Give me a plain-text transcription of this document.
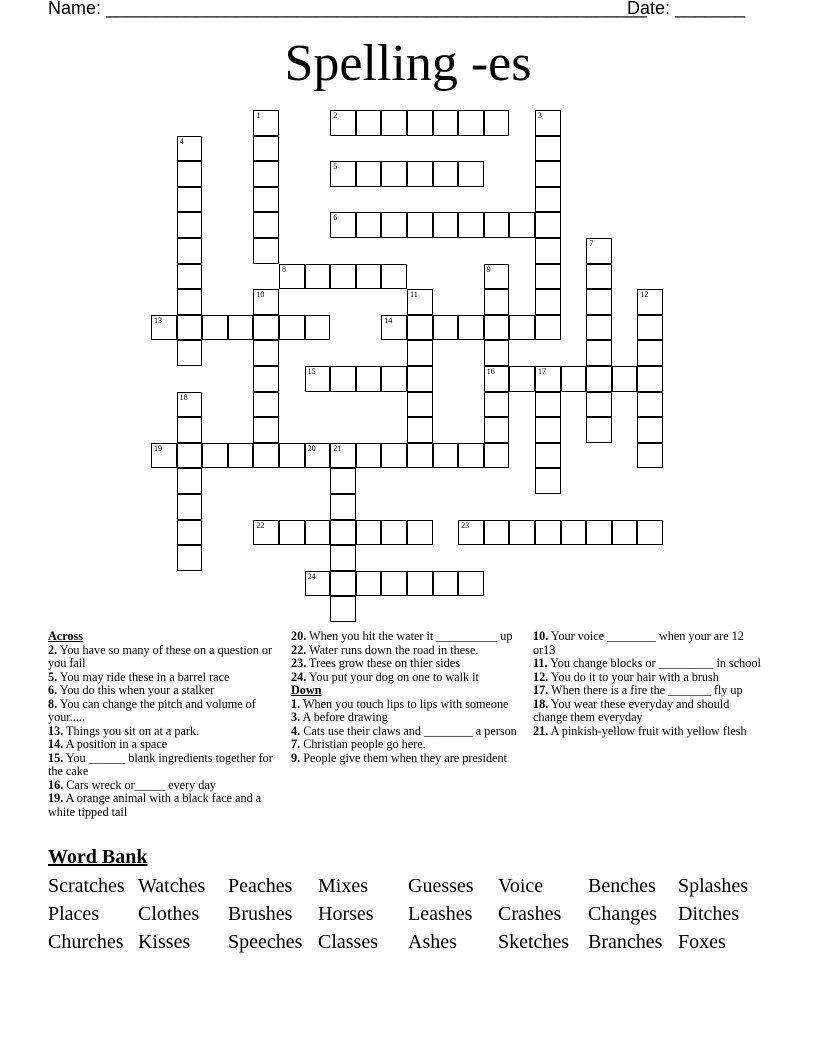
Name: ______________________________________________________
Date: _______
Spelling -es
1	2	3
4
5
6
7
8	9
16
10	11	12
13	14
15	17
18
19	20 21
22	23
24
Across
2. You have so many of these on a question or you fail
5. You may ride these in a barrel race
6. You do this when your a stalker
8. You can change the pitch and volume of your.....
13. Things you sit on at a park.
14. A position in a space
15. You ______ blank ingredients together for the cake
16. Cars wreck or_____ every day
19. A orange animal with a black face and a white tipped tail
20. When you hit the water it __________ up
22. Water runs down the road in these.
23. Trees grow these on thier sides
24. You put your dog on one to walk it
Down
1. When you touch lips to lips with someone
3. A before drawing
4. Cats use their claws and ________ a person
7. Christian people go here.
9. People give them when they are president
10. Your voice ________ when your are 12 or13
11. You change blocks or _________ in school
12. You do it to your hair with a brush
17. When there is a fire the _______ fly up
18. You wear these everyday and should change them everyday
21. A pinkish-yellow fruit with yellow flesh
Word Bank
Scratches Watches Peaches Mixes Guesses Voice Benches Splashes
Places Clothes Brushes Horses Leashes Crashes Changes Ditches
Churches Kisses Speeches Classes Ashes Sketches Branches Foxes
